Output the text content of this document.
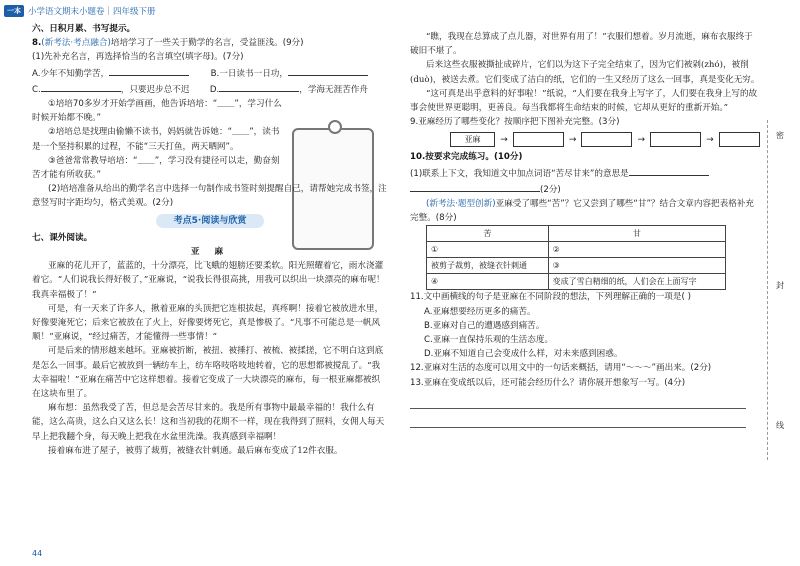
一本 小学语文期末小题卷｜四年级下册
六、日积月累、书写提示。
8.(新考法·考点融合)培培学习了一些关于勤学的名言，受益匪浅。(9分)
(1)先补充名言，再选择恰当的名言填空(填字母)。(7分)
A.少年不知勤学苦，	B.一日读书一日功，
C.	，只要迟步总不迟 D.	，学海无涯苦作舟
①培培70多岁才开始学画画，他告诉培培：“＿＿”，学习什么时候开始都不晚。”
②培培总是找理由偷懒不读书，妈妈就告诉她：“＿＿”，读书是一个坚持积累的过程，不能“三天打鱼，两天晒网”。
③爸爸常常教导培培：“＿＿”，学习没有捷径可以走，勤奋刻苦才能有所收获。”
(2)培培准备从给出的勤学名言中选择一句制作成书签时刻提醒自己，请帮她完成书签，注意竖写时字距均匀，格式美观。(2分)
考点5·阅读与欣赏
七、课外阅读。
亚 麻
亚麻的花儿开了，蓝蓝的，十分漂亮，比飞蛾的翅膀还要柔软。阳光照耀着它，雨水浇灌着它。“人们说我长得好极了，”亚麻说，“说我长得很高挑，用我可以织出一块漂亮的麻布呢！我真幸福极了！”
可是，有一天来了许多人，揪着亚麻的头顶把它连根拔起，真疼啊！接着它被放进水里，好像要淹死它；后来它被放在了火上，好像要烤死它，真是惨极了。“凡事不可能总是一帆风顺！”亚麻说，“经过痛苦，才能懂得一些事情！”
可是后来的情形越来越坏。亚麻被折断，被扭、被捶打、被梳、被揉搓，它不明白这到底是怎么一回事。最后它被放到一辆纺车上，纺车咯吱咯吱地转着，它的思想都被搅乱了。“我太幸福啦！”亚麻在痛苦中它这样想着。接着它变成了一大块漂亮的麻布，每一根亚麻都被织在这块布里了。
麻布想：虽然我受了苦，但总是会苦尽甘来的。我是所有事物中最最幸福的！我什么有能，这么高贵，这么白又这么长！这和当初我的花期不一样，现在我得到了照料，女佣人每天早上把我翻个身，每天晚上把我在水盆里洗澡。我真感到幸福啊！
接着麻布进了屋子，被剪了裁剪，被缝衣针刺通。最后麻布变成了12件衣服。
44
“瞧，我现在总算成了点儿器，对世界有用了！”衣服们想着。岁月流逝，麻布衣服终于破旧不堪了。
后来这些衣服被撕扯成碎片，它们以为这下子完全结束了，因为它们被剁(zhó)，被削(duò)，被送去煮。它们变成了洁白的纸，它们的一生又经历了这么一回事，真是变化无穷。
“这可真是出乎意料的好事啦！”纸说，“人们要在我身上写字了，人们要在我身上写的故事会使世界更聪明，更善良。每当我都将生命结束的时候，它却从更好的重新开始。”
9.亚麻经历了哪些变化？按顺序把下图补充完整。(3分)
亚麻	→	→	→	→
10.按要求完成练习。(10分)
(1)联系上下文，我知道文中加点词语“苦尽甘来”的意思是
(2分)
(新考法·题型创新)亚麻受了哪些“苦”？它又尝到了哪些“甘”？结合文章内容把表格补充完整。(8分)
苦	甘
①	②
被剪子裁剪，被缝衣针刺通	③
④	变成了雪白精细的纸，人们会在上面写字
11.文中画横线的句子是亚麻在不同阶段的想法，下列理解正确的一项是( )
A.亚麻想要经历更多的痛苦。
B.亚麻对自己的遭遇感到痛苦。
C.亚麻一直保持乐观的生活态度。
D.亚麻不知道自己会变成什么样，对未来感到困惑。
12.亚麻对生活的态度可以用文中的一句话来概括，请用“～～～”画出来。(2分)
13.亚麻在变成纸以后，还可能会经历什么？请你展开想象写一写。(4分)
密
封
线
